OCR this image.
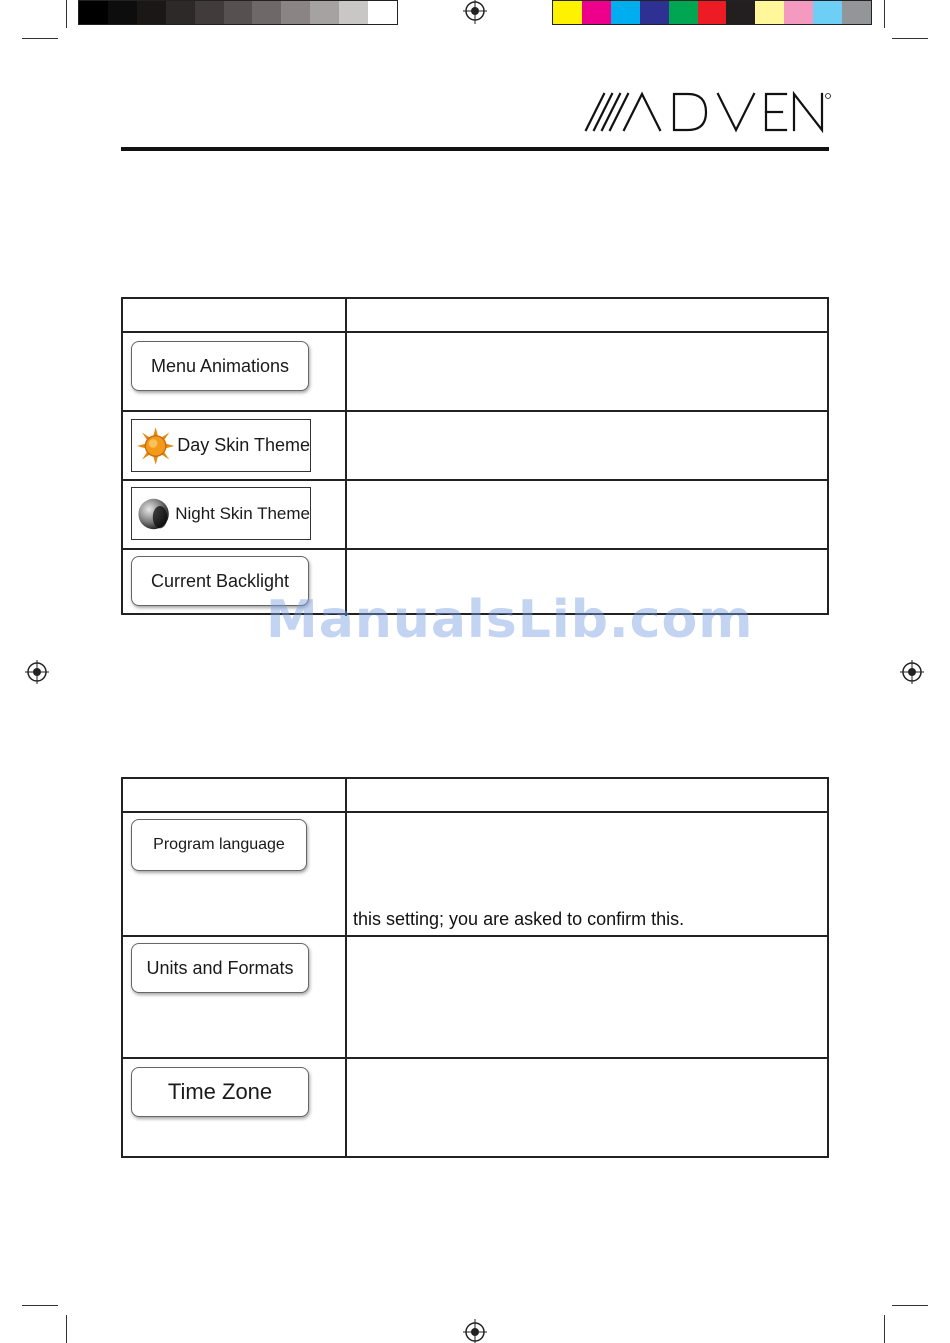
Menu Animations
Day Skin Theme
Night Skin Theme
Current Backlight
ManualsLib.com
Program language
this setting; you are asked to confirm this.
Units and Formats
Time Zone
